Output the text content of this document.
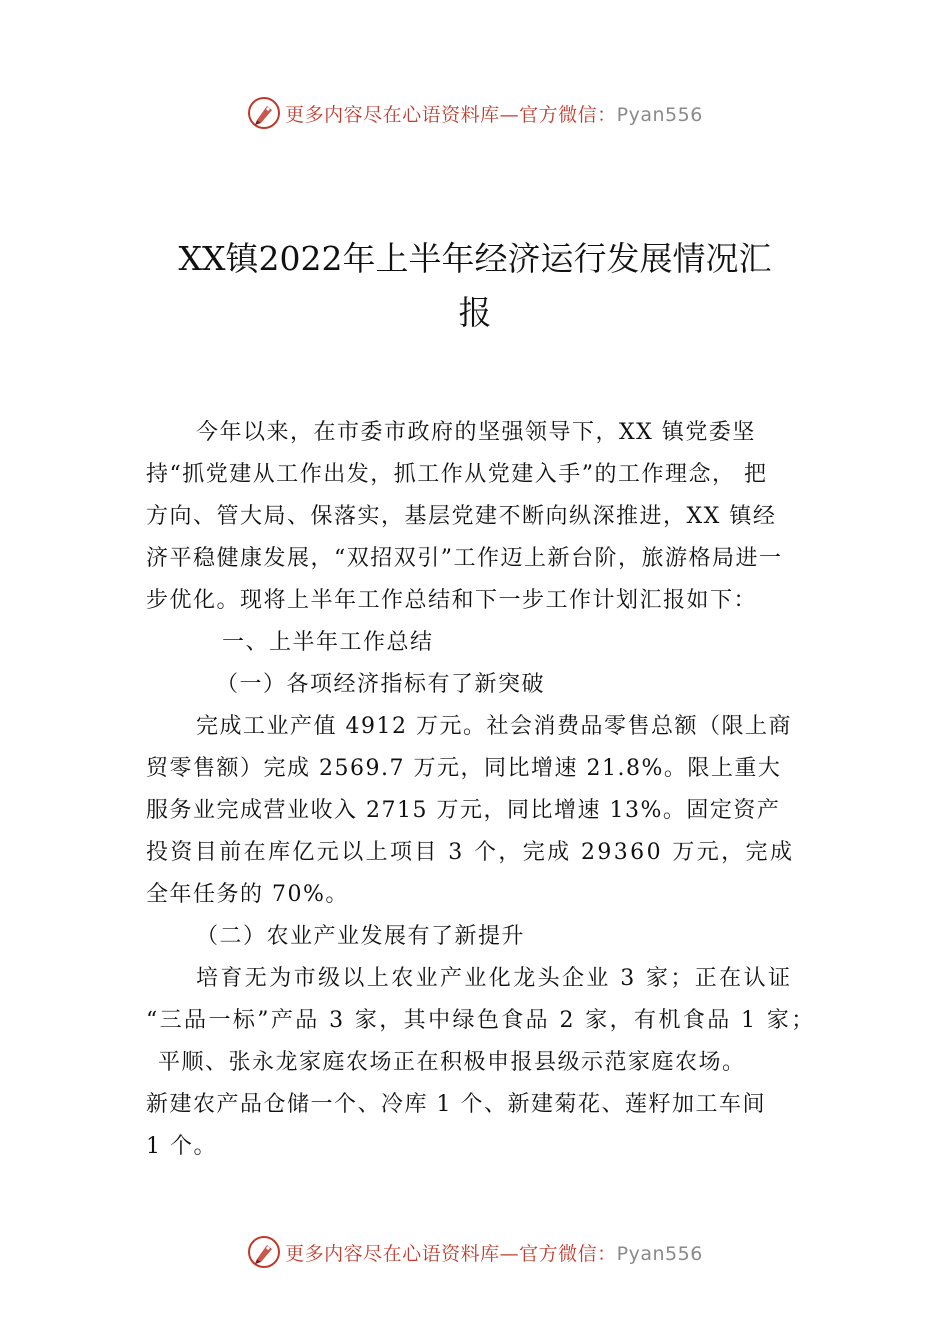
更多内容尽在心语资料库—官方微信：Pyan556
XX镇2022年上半年经济运行发展情况汇
报
今年以来，在市委市政府的坚强领导下，XX 镇党委坚
持“抓党建从工作出发，抓工作从党建入手”的工作理念， 把
方向、管大局、保落实，基层党建不断向纵深推进，XX 镇经
济平稳健康发展，“双招双引”工作迈上新台阶，旅游格局进一
步优化。现将上半年工作总结和下一步工作计划汇报如下：
一、上半年工作总结
（一）各项经济指标有了新突破
完成工业产值 4912 万元。社会消费品零售总额（限上商
贸零售额）完成 2569.7 万元，同比增速 21.8%。限上重大
服务业完成营业收入 2715 万元，同比增速 13%。固定资产
投资目前在库亿元以上项目 3 个，完成 29360 万元，完成
全年任务的 70%。
（二）农业产业发展有了新提升
培育无为市级以上农业产业化龙头企业 3 家；正在认证
“三品一标”产品 3 家，其中绿色食品 2 家，有机食品 1 家；
平顺、张永龙家庭农场正在积极申报县级示范家庭农场。
新建农产品仓储一个、冷库 1 个、新建菊花、莲籽加工车间
1 个。
更多内容尽在心语资料库—官方微信：Pyan556
